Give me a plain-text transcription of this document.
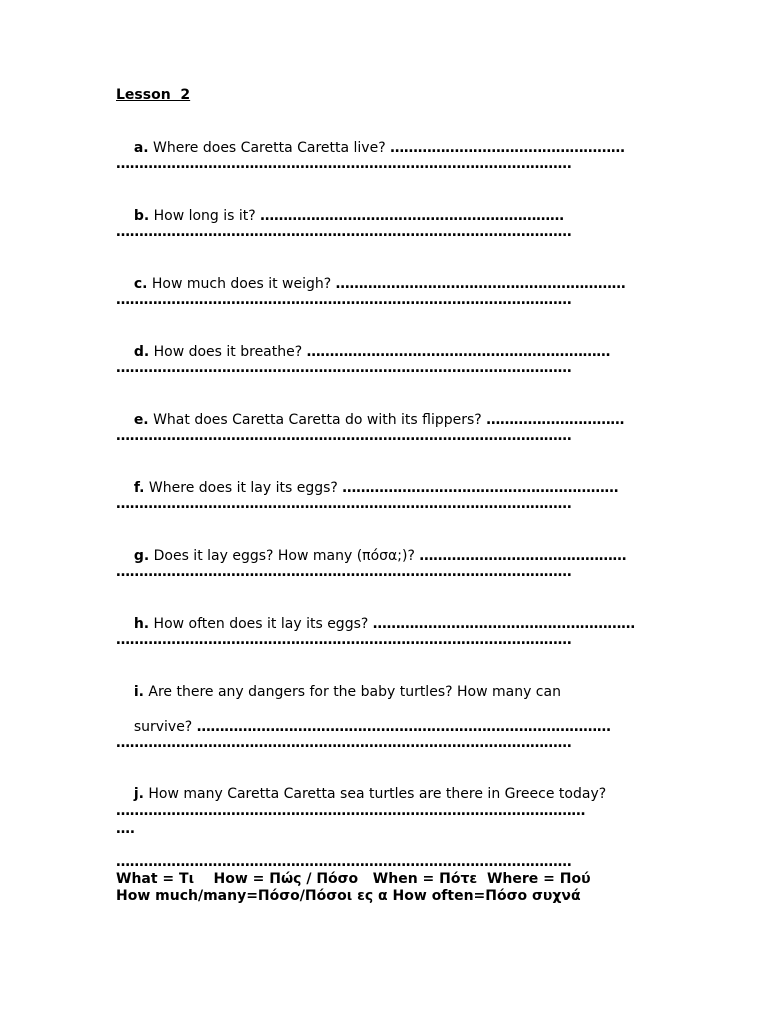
Lesson  2

a. Where does Caretta Caretta live? ……………………………………………

………………………………………………………………………………………

b. How long is it? …………………………………………………………

………………………………………………………………………………………

c. How much does it weigh? ………………………………………………………

………………………………………………………………………………………

d. How does it breathe? …………………………………………………………

………………………………………………………………………………………

e. What does Caretta Caretta do with its flippers? …………………………

………………………………………………………………………………………

f. Where does it lay its eggs? ……………………………………………………

………………………………………………………………………………………

g. Does it lay eggs? How many (πόσα;)? ………………………………………

………………………………………………………………………………………

h. How often does it lay its eggs? …………………………………………………

………………………………………………………………………………………

i. Are there any dangers for the baby turtles? How many can

survive? ………………………………………………………………………………

………………………………………………………………………………………

j. How many Caretta Caretta sea turtles are there in Greece today?

…………………………………………………………………………………………
….
………………………………………………………………………………………
What = Tι    How = Πώς / Πόσο   When = Πότε  Where = Πού
How much/many=Πόσο/Πόσοι ες α How often=Πόσο συχνά
